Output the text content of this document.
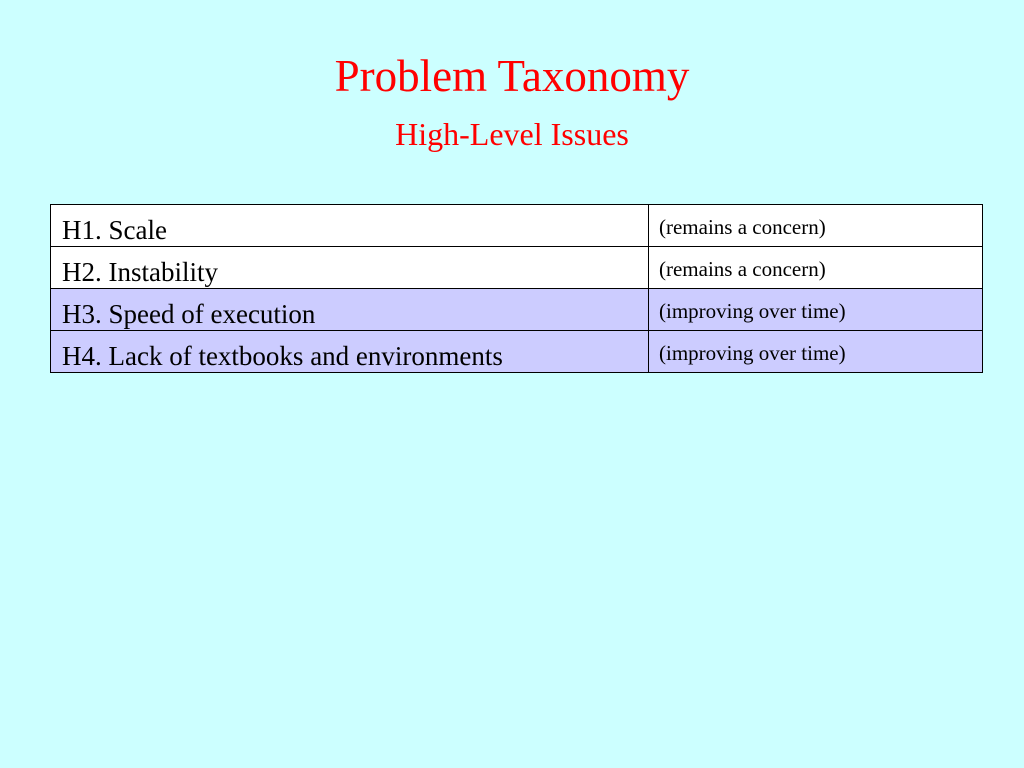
Problem Taxonomy
High-Level Issues
H1. Scale	(remains a concern)
H2. Instability	(remains a concern)
H3. Speed of execution	(improving over time)
H4. Lack of textbooks and environments	(improving over time)
